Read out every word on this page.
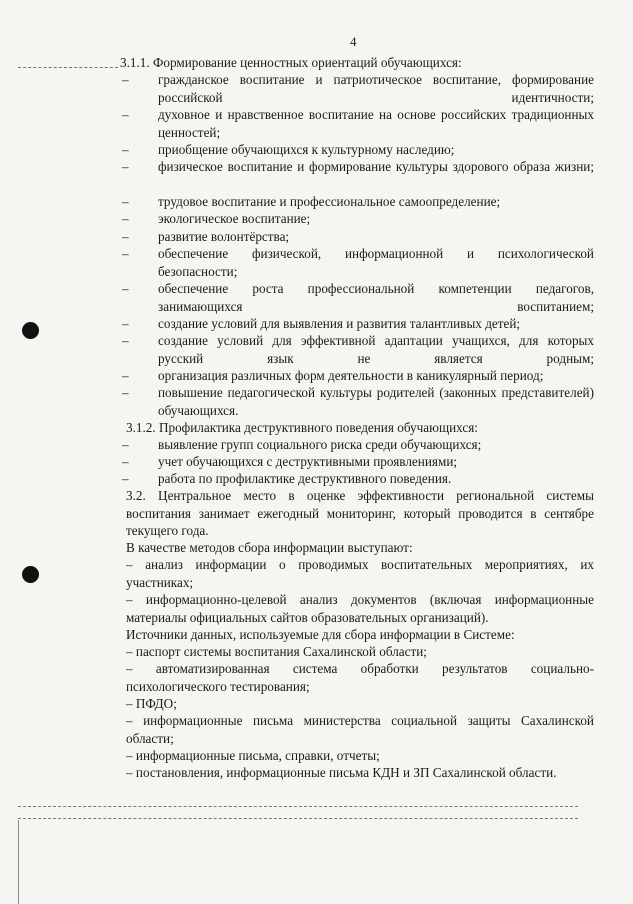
4
3.1.1. Формирование ценностных ориентаций обучающихся:
– гражданское воспитание и патриотическое воспитание, формирование российской идентичности;
– духовное и нравственное воспитание на основе российских традиционных ценностей;
– приобщение обучающихся к культурному наследию;
– физическое воспитание и формирование культуры здорового образа жизни;
– трудовое воспитание и профессиональное самоопределение;
– экологическое воспитание;
– развитие волонтёрства;
– обеспечение физической, информационной и психологической безопасности;
– обеспечение роста профессиональной компетенции педагогов, занимающихся воспитанием;
– создание условий для выявления и развития талантливых детей;
– создание условий для эффективной адаптации учащихся, для которых русский язык не является родным;
– организация различных форм деятельности в каникулярный период;
– повышение педагогической культуры родителей (законных представителей) обучающихся.
3.1.2. Профилактика деструктивного поведения обучающихся:
– выявление групп социального риска среди обучающихся;
– учет обучающихся с деструктивными проявлениями;
– работа по профилактике деструктивного поведения.
3.2. Центральное место в оценке эффективности региональной системы воспитания занимает ежегодный мониторинг, который проводится в сентябре текущего года.
В качестве методов сбора информации выступают:
– анализ информации о проводимых воспитательных мероприятиях, их участниках;
– информационно-целевой анализ документов (включая информационные материалы официальных сайтов образовательных организаций).
Источники данных, используемые для сбора информации в Системе:
– паспорт системы воспитания Сахалинской области;
– автоматизированная система обработки результатов социально-психологического тестирования;
– ПФДО;
– информационные письма министерства социальной защиты Сахалинской области;
– информационные письма, справки, отчеты;
– постановления, информационные письма КДН и ЗП Сахалинской области.
